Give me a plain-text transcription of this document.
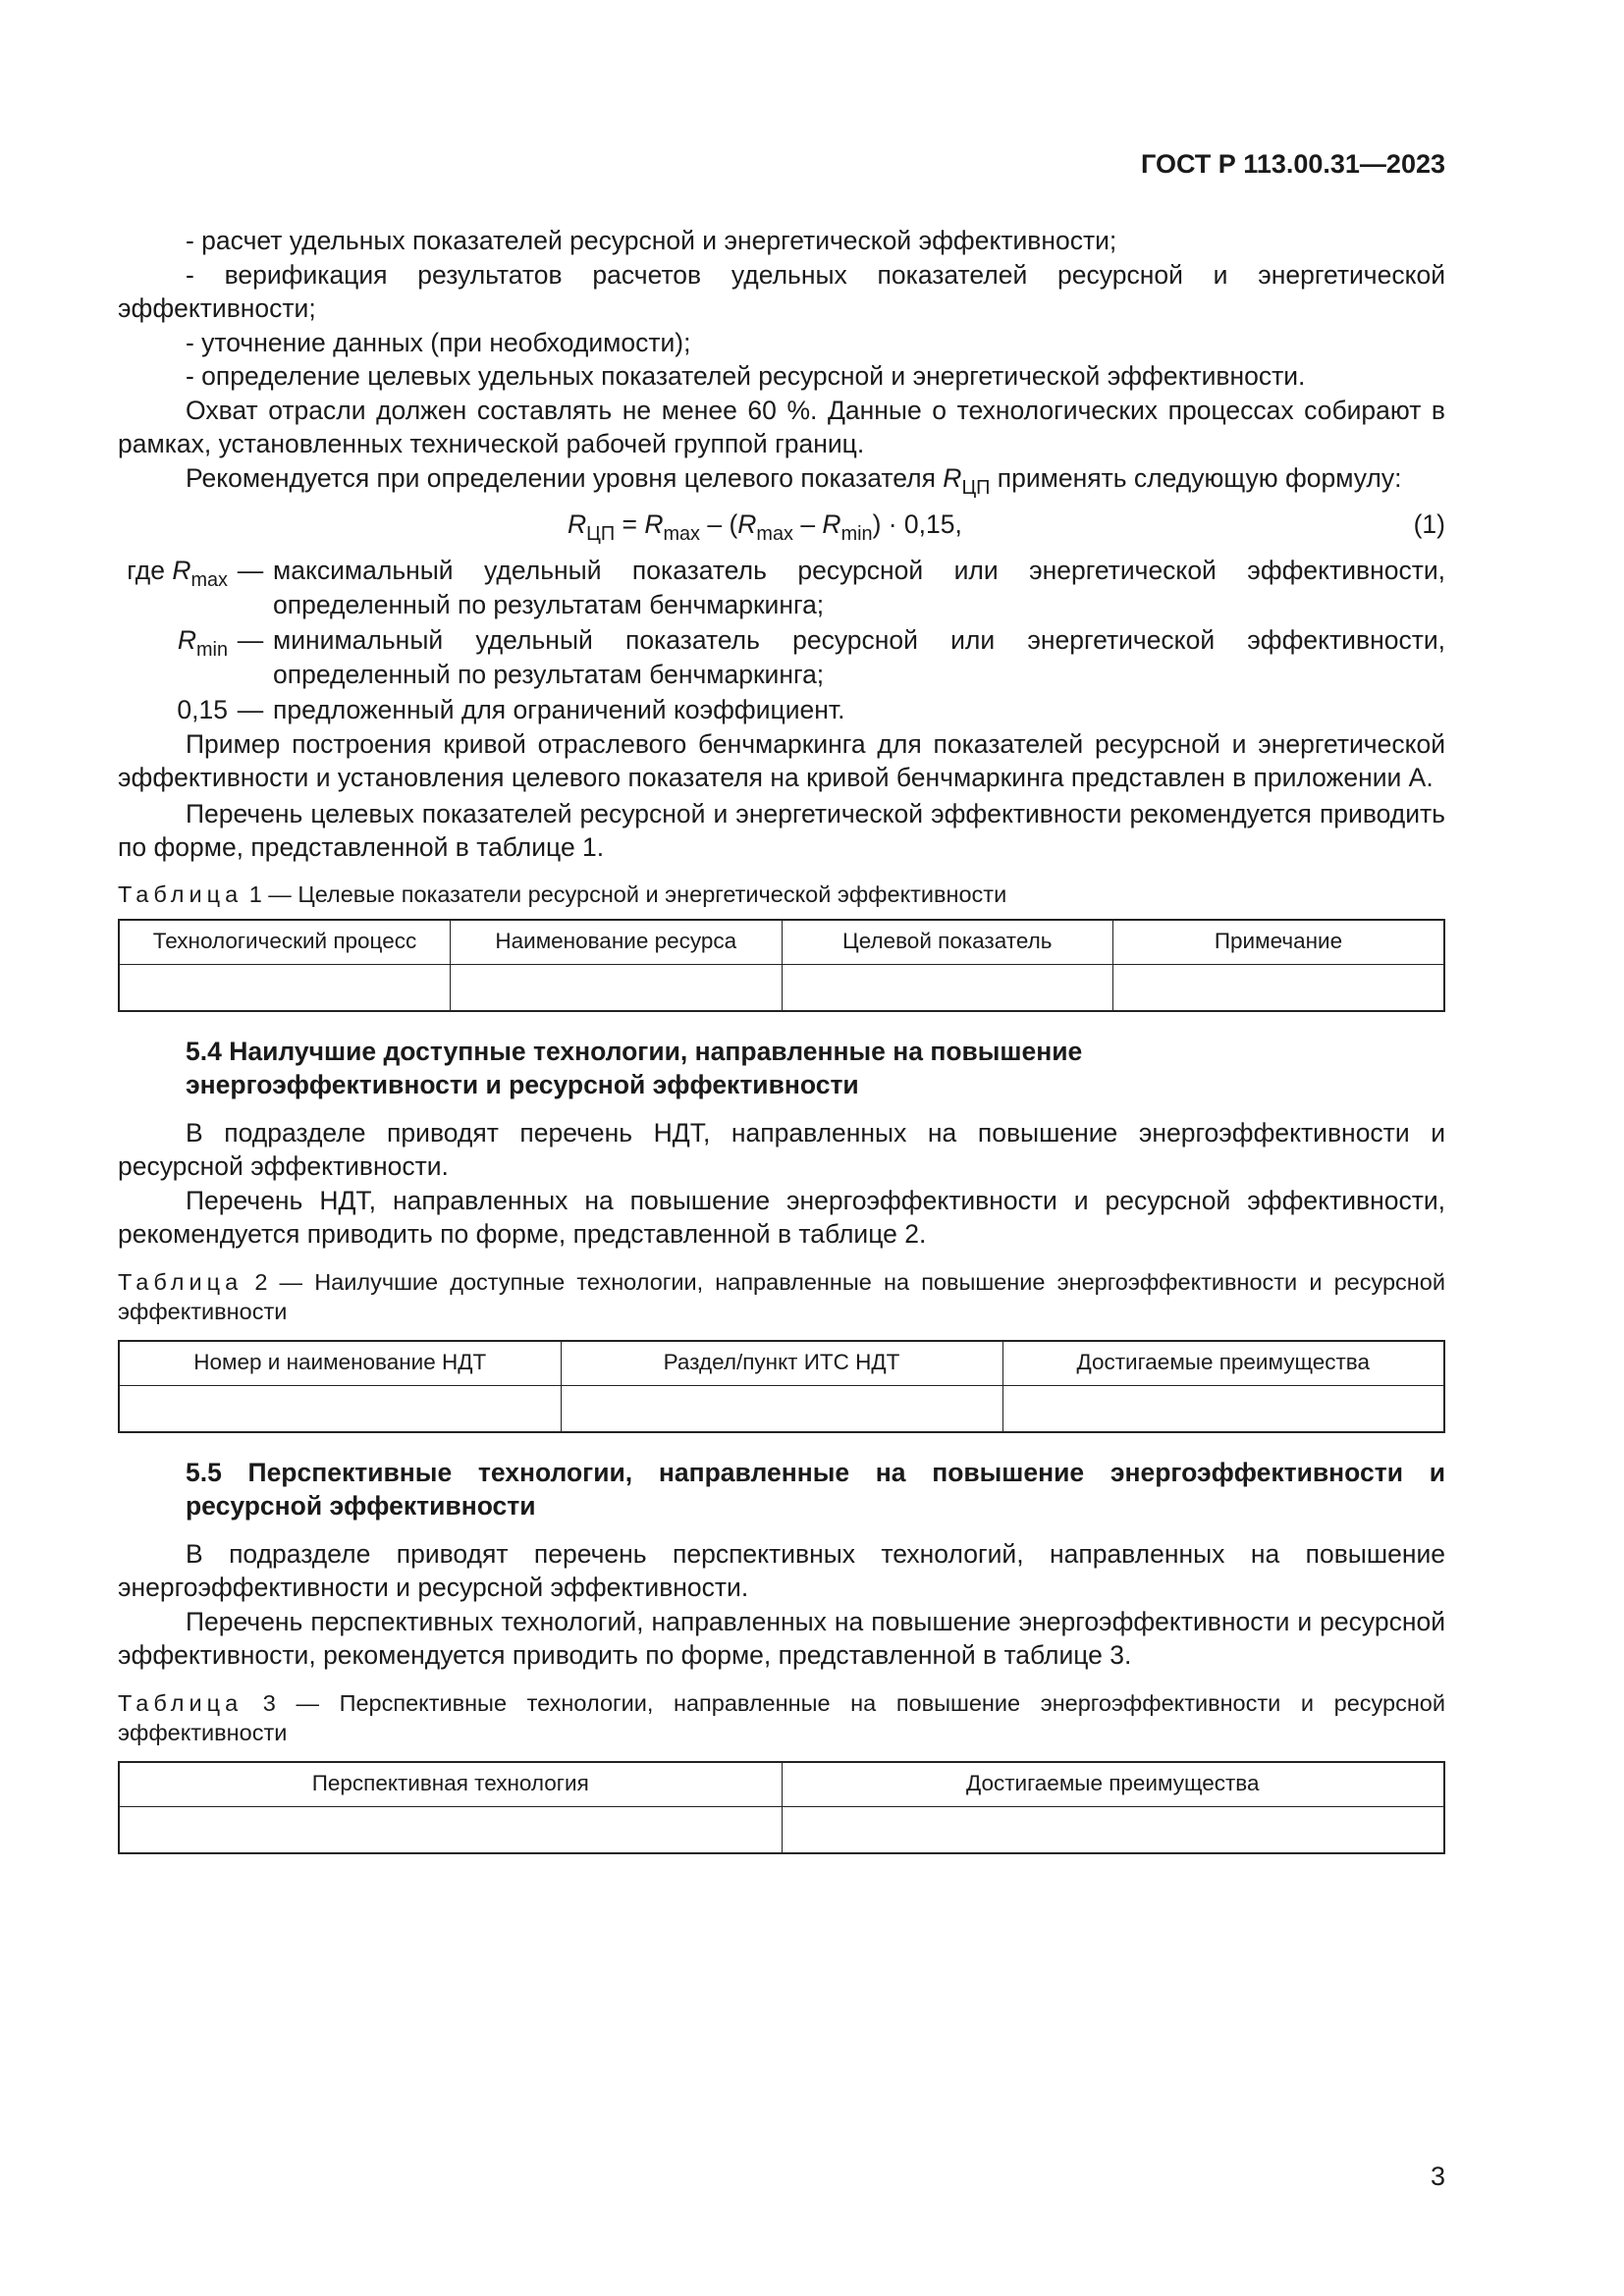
ГОСТ Р 113.00.31—2023

- расчет удельных показателей ресурсной и энергетической эффективности;

- верификация результатов расчетов удельных показателей ресурсной и энергетической эффективности;

- уточнение данных (при необходимости);

- определение целевых удельных показателей ресурсной и энергетической эффективности.

Охват отрасли должен составлять не менее 60 %. Данные о технологических процессах собирают в рамках, установленных технической рабочей группой границ.

Рекомендуется при определении уровня целевого показателя $R_{ЦП}$ применять следующую формулу:

$R_{ЦП} = R_{max} - (R_{max} - R_{min}) \cdot 0,15$,	(1)
где $R_{max}$ — максимальный удельный показатель ресурсной или энергетической эффективности, определенный по результатам бенчмаркинга;
$R_{min}$ — минимальный удельный показатель ресурсной или энергетической эффективности, определенный по результатам бенчмаркинга;
0,15 — предложенный для ограничений коэффициент.

Пример построения кривой отраслевого бенчмаркинга для показателей ресурсной и энергетической эффективности и установления целевого показателя на кривой бенчмаркинга представлен в приложении А.

Перечень целевых показателей ресурсной и энергетической эффективности рекомендуется приводить по форме, представленной в таблице 1.

Таблица 1 — Целевые показатели ресурсной и энергетической эффективности
Технологический процесс	Наименование ресурса	Целевой показатель	Примечание

5.4 Наилучшие доступные технологии, направленные на повышение энергоэффективности и ресурсной эффективности

В подразделе приводят перечень НДТ, направленных на повышение энергоэффективности и ресурсной эффективности.

Перечень НДТ, направленных на повышение энергоэффективности и ресурсной эффективности, рекомендуется приводить по форме, представленной в таблице 2.

Таблица 2 — Наилучшие доступные технологии, направленные на повышение энергоэффективности и ресурсной эффективности
Номер и наименование НДТ	Раздел/пункт ИТС НДТ	Достигаемые преимущества

5.5 Перспективные технологии, направленные на повышение энергоэффективности и ресурсной эффективности

В подразделе приводят перечень перспективных технологий, направленных на повышение энергоэффективности и ресурсной эффективности.

Перечень перспективных технологий, направленных на повышение энергоэффективности и ресурсной эффективности, рекомендуется приводить по форме, представленной в таблице 3.

Таблица 3 — Перспективные технологии, направленные на повышение энергоэффективности и ресурсной эффективности
Перспективная технология	Достигаемые преимущества

3
